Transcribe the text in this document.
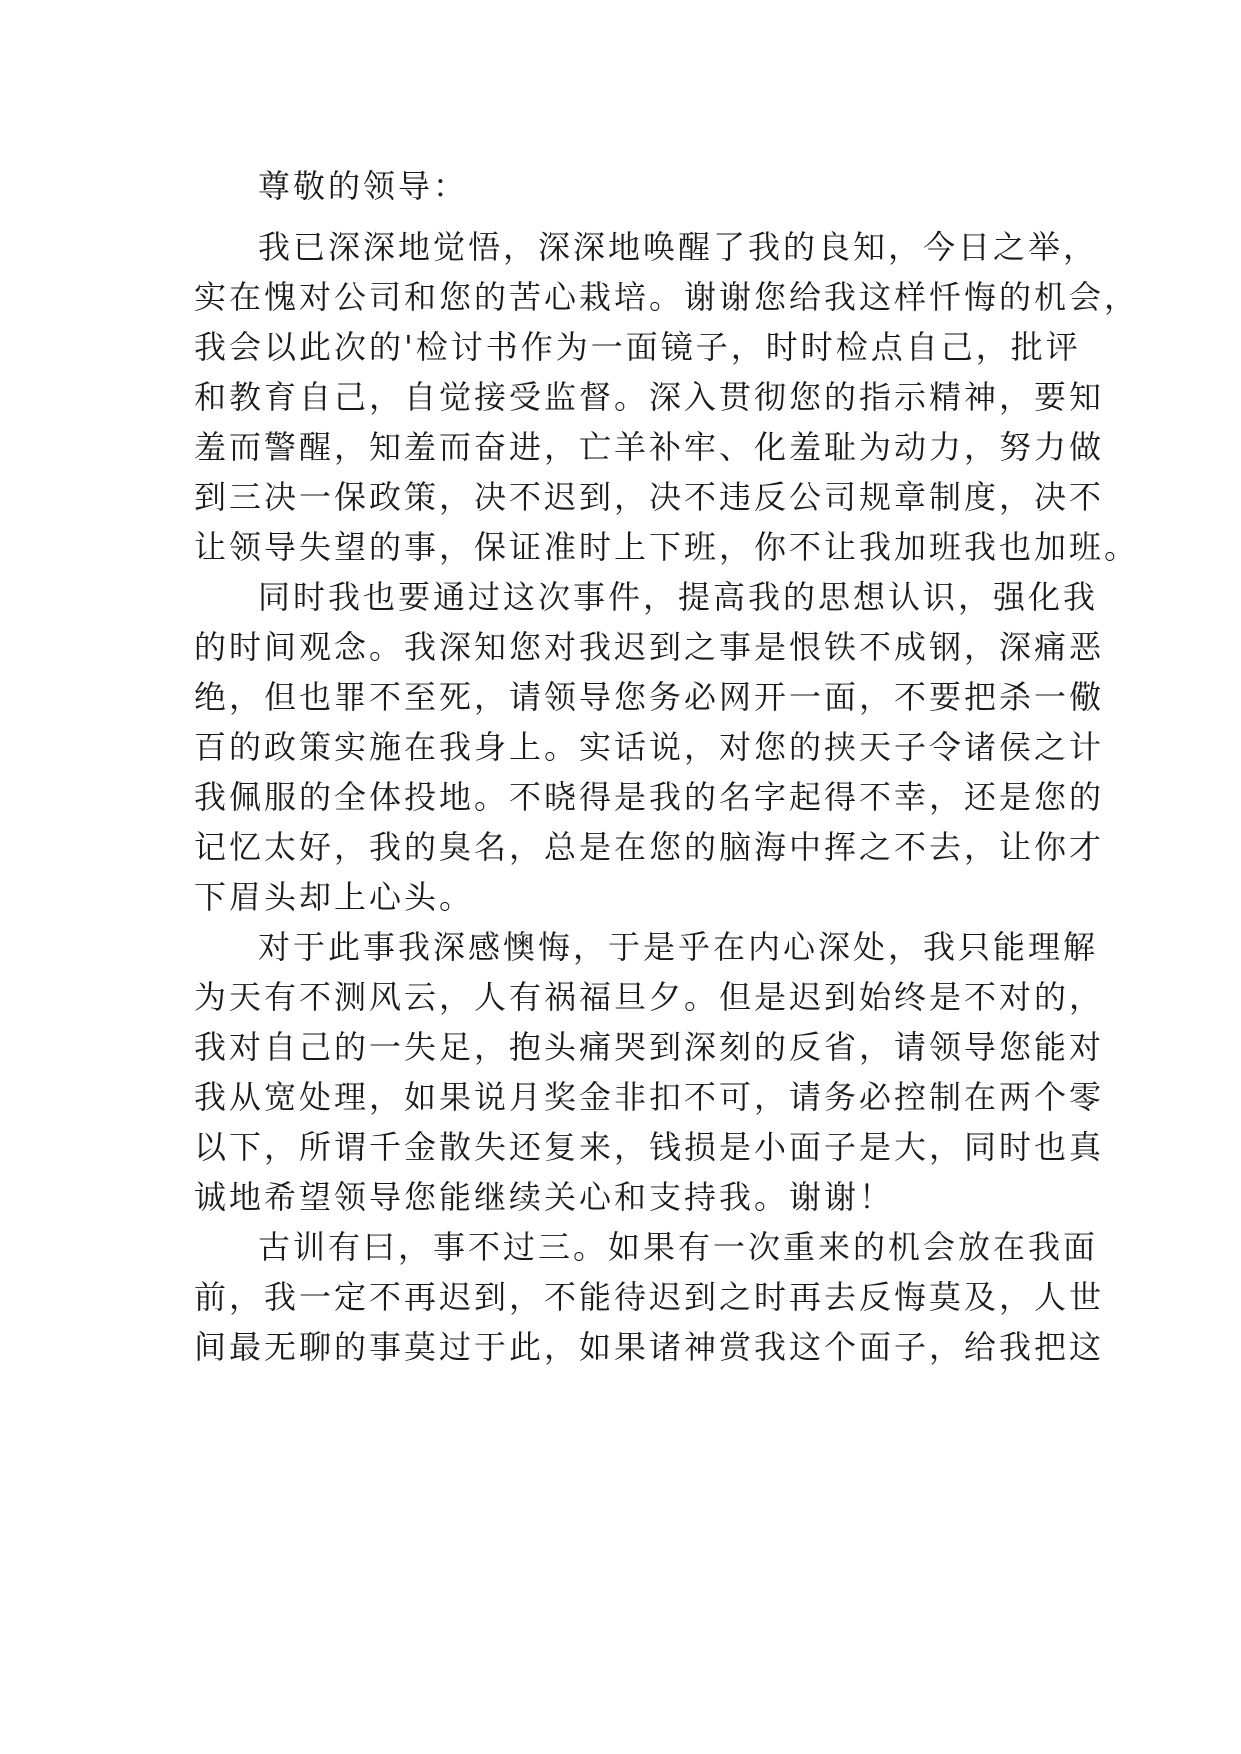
尊敬的领导：
我已深深地觉悟，深深地唤醒了我的良知，今日之举，
实在愧对公司和您的苦心栽培。谢谢您给我这样忏悔的机会，
我会以此次的'检讨书作为一面镜子，时时检点自己，批评
和教育自己，自觉接受监督。深入贯彻您的指示精神，要知
羞而警醒，知羞而奋进，亡羊补牢、化羞耻为动力，努力做
到三决一保政策，决不迟到，决不违反公司规章制度，决不
让领导失望的事，保证准时上下班，你不让我加班我也加班。
同时我也要通过这次事件，提高我的思想认识，强化我
的时间观念。我深知您对我迟到之事是恨铁不成钢，深痛恶
绝，但也罪不至死，请领导您务必网开一面，不要把杀一儆
百的政策实施在我身上。实话说，对您的挟天子令诸侯之计
我佩服的全体投地。不晓得是我的名字起得不幸，还是您的
记忆太好，我的臭名，总是在您的脑海中挥之不去，让你才
下眉头却上心头。
对于此事我深感懊悔，于是乎在内心深处，我只能理解
为天有不测风云，人有祸福旦夕。但是迟到始终是不对的，
我对自己的一失足，抱头痛哭到深刻的反省，请领导您能对
我从宽处理，如果说月奖金非扣不可，请务必控制在两个零
以下，所谓千金散失还复来，钱损是小面子是大，同时也真
诚地希望领导您能继续关心和支持我。谢谢！
古训有曰，事不过三。如果有一次重来的机会放在我面
前，我一定不再迟到，不能待迟到之时再去反悔莫及，人世
间最无聊的事莫过于此，如果诸神赏我这个面子，给我把这
